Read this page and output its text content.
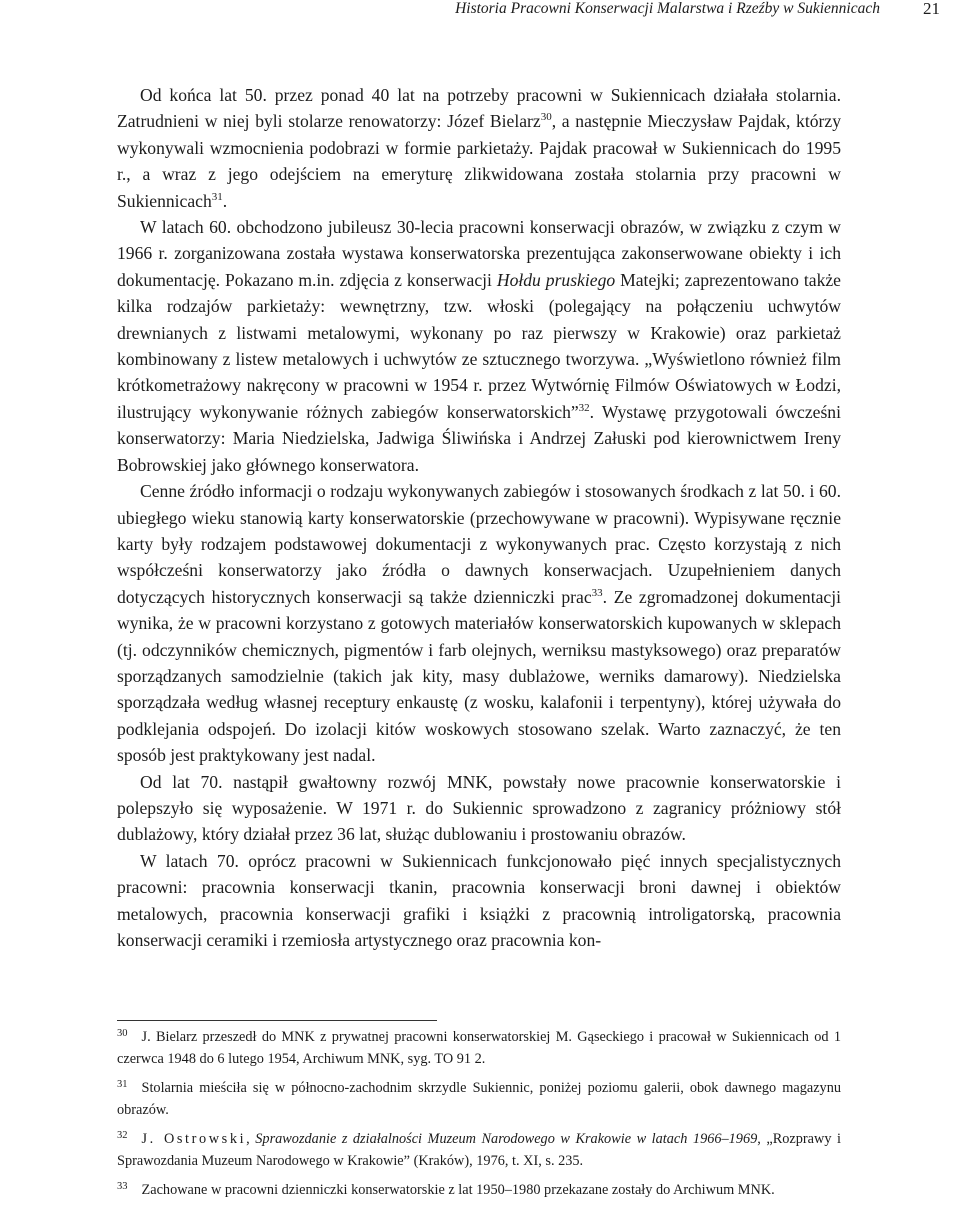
Historia Pracowni Konserwacji Malarstwa i Rzeźby w Sukiennicach	21

Od końca lat 50. przez ponad 40 lat na potrzeby pracowni w Sukiennicach działała stolarnia. Zatrudnieni w niej byli stolarze renowatorzy: Józef Bielarz$^{30}$, a następnie Mieczysław Pajdak, którzy wykonywali wzmocnienia podobrazi w formie parkietaży. Pajdak pracował w Sukiennicach do 1995 r., a wraz z jego odejściem na emeryturę zlikwidowana została stolarnia przy pracowni w Sukiennicach$^{31}$.

W latach 60. obchodzono jubileusz 30-lecia pracowni konserwacji obrazów, w związku z czym w 1966 r. zorganizowana została wystawa konserwatorska prezentująca zakonserwowane obiekty i ich dokumentację. Pokazano m.in. zdjęcia z konserwacji Hołdu pruskiego Matejki; zaprezentowano także kilka rodzajów parkietaży: wewnętrzny, tzw. włoski (polegający na połączeniu uchwytów drewnianych z listwami metalowymi, wykonany po raz pierwszy w Krakowie) oraz parkietaż kombinowany z listew metalowych i uchwytów ze sztucznego tworzywa. „Wyświetlono również film krótkometrażowy nakręcony w pracowni w 1954 r. przez Wytwórnię Filmów Oświatowych w Łodzi, ilustrujący wykonywanie różnych zabiegów konserwatorskich”$^{32}$. Wystawę przygotowali ówcześni konserwatorzy: Maria Niedzielska, Jadwiga Śliwińska i Andrzej Załuski pod kierownictwem Ireny Bobrowskiej jako głównego konserwatora.

Cenne źródło informacji o rodzaju wykonywanych zabiegów i stosowanych środkach z lat 50. i 60. ubiegłego wieku stanowią karty konserwatorskie (przechowywane w pracowni). Wypisywane ręcznie karty były rodzajem podstawowej dokumentacji z wykonywanych prac. Często korzystają z nich współcześni konserwatorzy jako źródła o dawnych konserwacjach. Uzupełnieniem danych dotyczących historycznych konserwacji są także dzienniczki prac$^{33}$. Ze zgromadzonej dokumentacji wynika, że w pracowni korzystano z gotowych materiałów konserwatorskich kupowanych w sklepach (tj. odczynników chemicznych, pigmentów i farb olejnych, werniksu mastyksowego) oraz preparatów sporządzanych samodzielnie (takich jak kity, masy dublażowe, werniks damarowy). Niedzielska sporządzała według własnej receptury enkaustę (z wosku, kalafonii i terpentyny), której używała do podklejania odspojeń. Do izolacji kitów woskowych stosowano szelak. Warto zaznaczyć, że ten sposób jest praktykowany jest nadal.

Od lat 70. nastąpił gwałtowny rozwój MNK, powstały nowe pracownie konserwatorskie i polepszyło się wyposażenie. W 1971 r. do Sukiennic sprowadzono z zagranicy próżniowy stół dublażowy, który działał przez 36 lat, służąc dublowaniu i prostowaniu obrazów.

W latach 70. oprócz pracowni w Sukiennicach funkcjonowało pięć innych specjalistycznych pracowni: pracownia konserwacji tkanin, pracownia konserwacji broni dawnej i obiektów metalowych, pracownia konserwacji grafiki i książki z pracownią introligatorską, pracownia konserwacji ceramiki i rzemiosła artystycznego oraz pracownia kon-

$^{30}$ J. Bielarz przeszedł do MNK z prywatnej pracowni konserwatorskiej M. Gąseckiego i pracował w Sukiennicach od 1 czerwca 1948 do 6 lutego 1954, Archiwum MNK, syg. TO 91 2.

$^{31}$ Stolarnia mieściła się w północno-zachodnim skrzydle Sukiennic, poniżej poziomu galerii, obok dawnego magazynu obrazów.

$^{32}$ J. Ostrowski, Sprawozdanie z działalności Muzeum Narodowego w Krakowie w latach 1966–1969, „Rozprawy i Sprawozdania Muzeum Narodowego w Krakowie” (Kraków), 1976, t. XI, s. 235.

$^{33}$ Zachowane w pracowni dzienniczki konserwatorskie z lat 1950–1980 przekazane zostały do Archiwum MNK.
